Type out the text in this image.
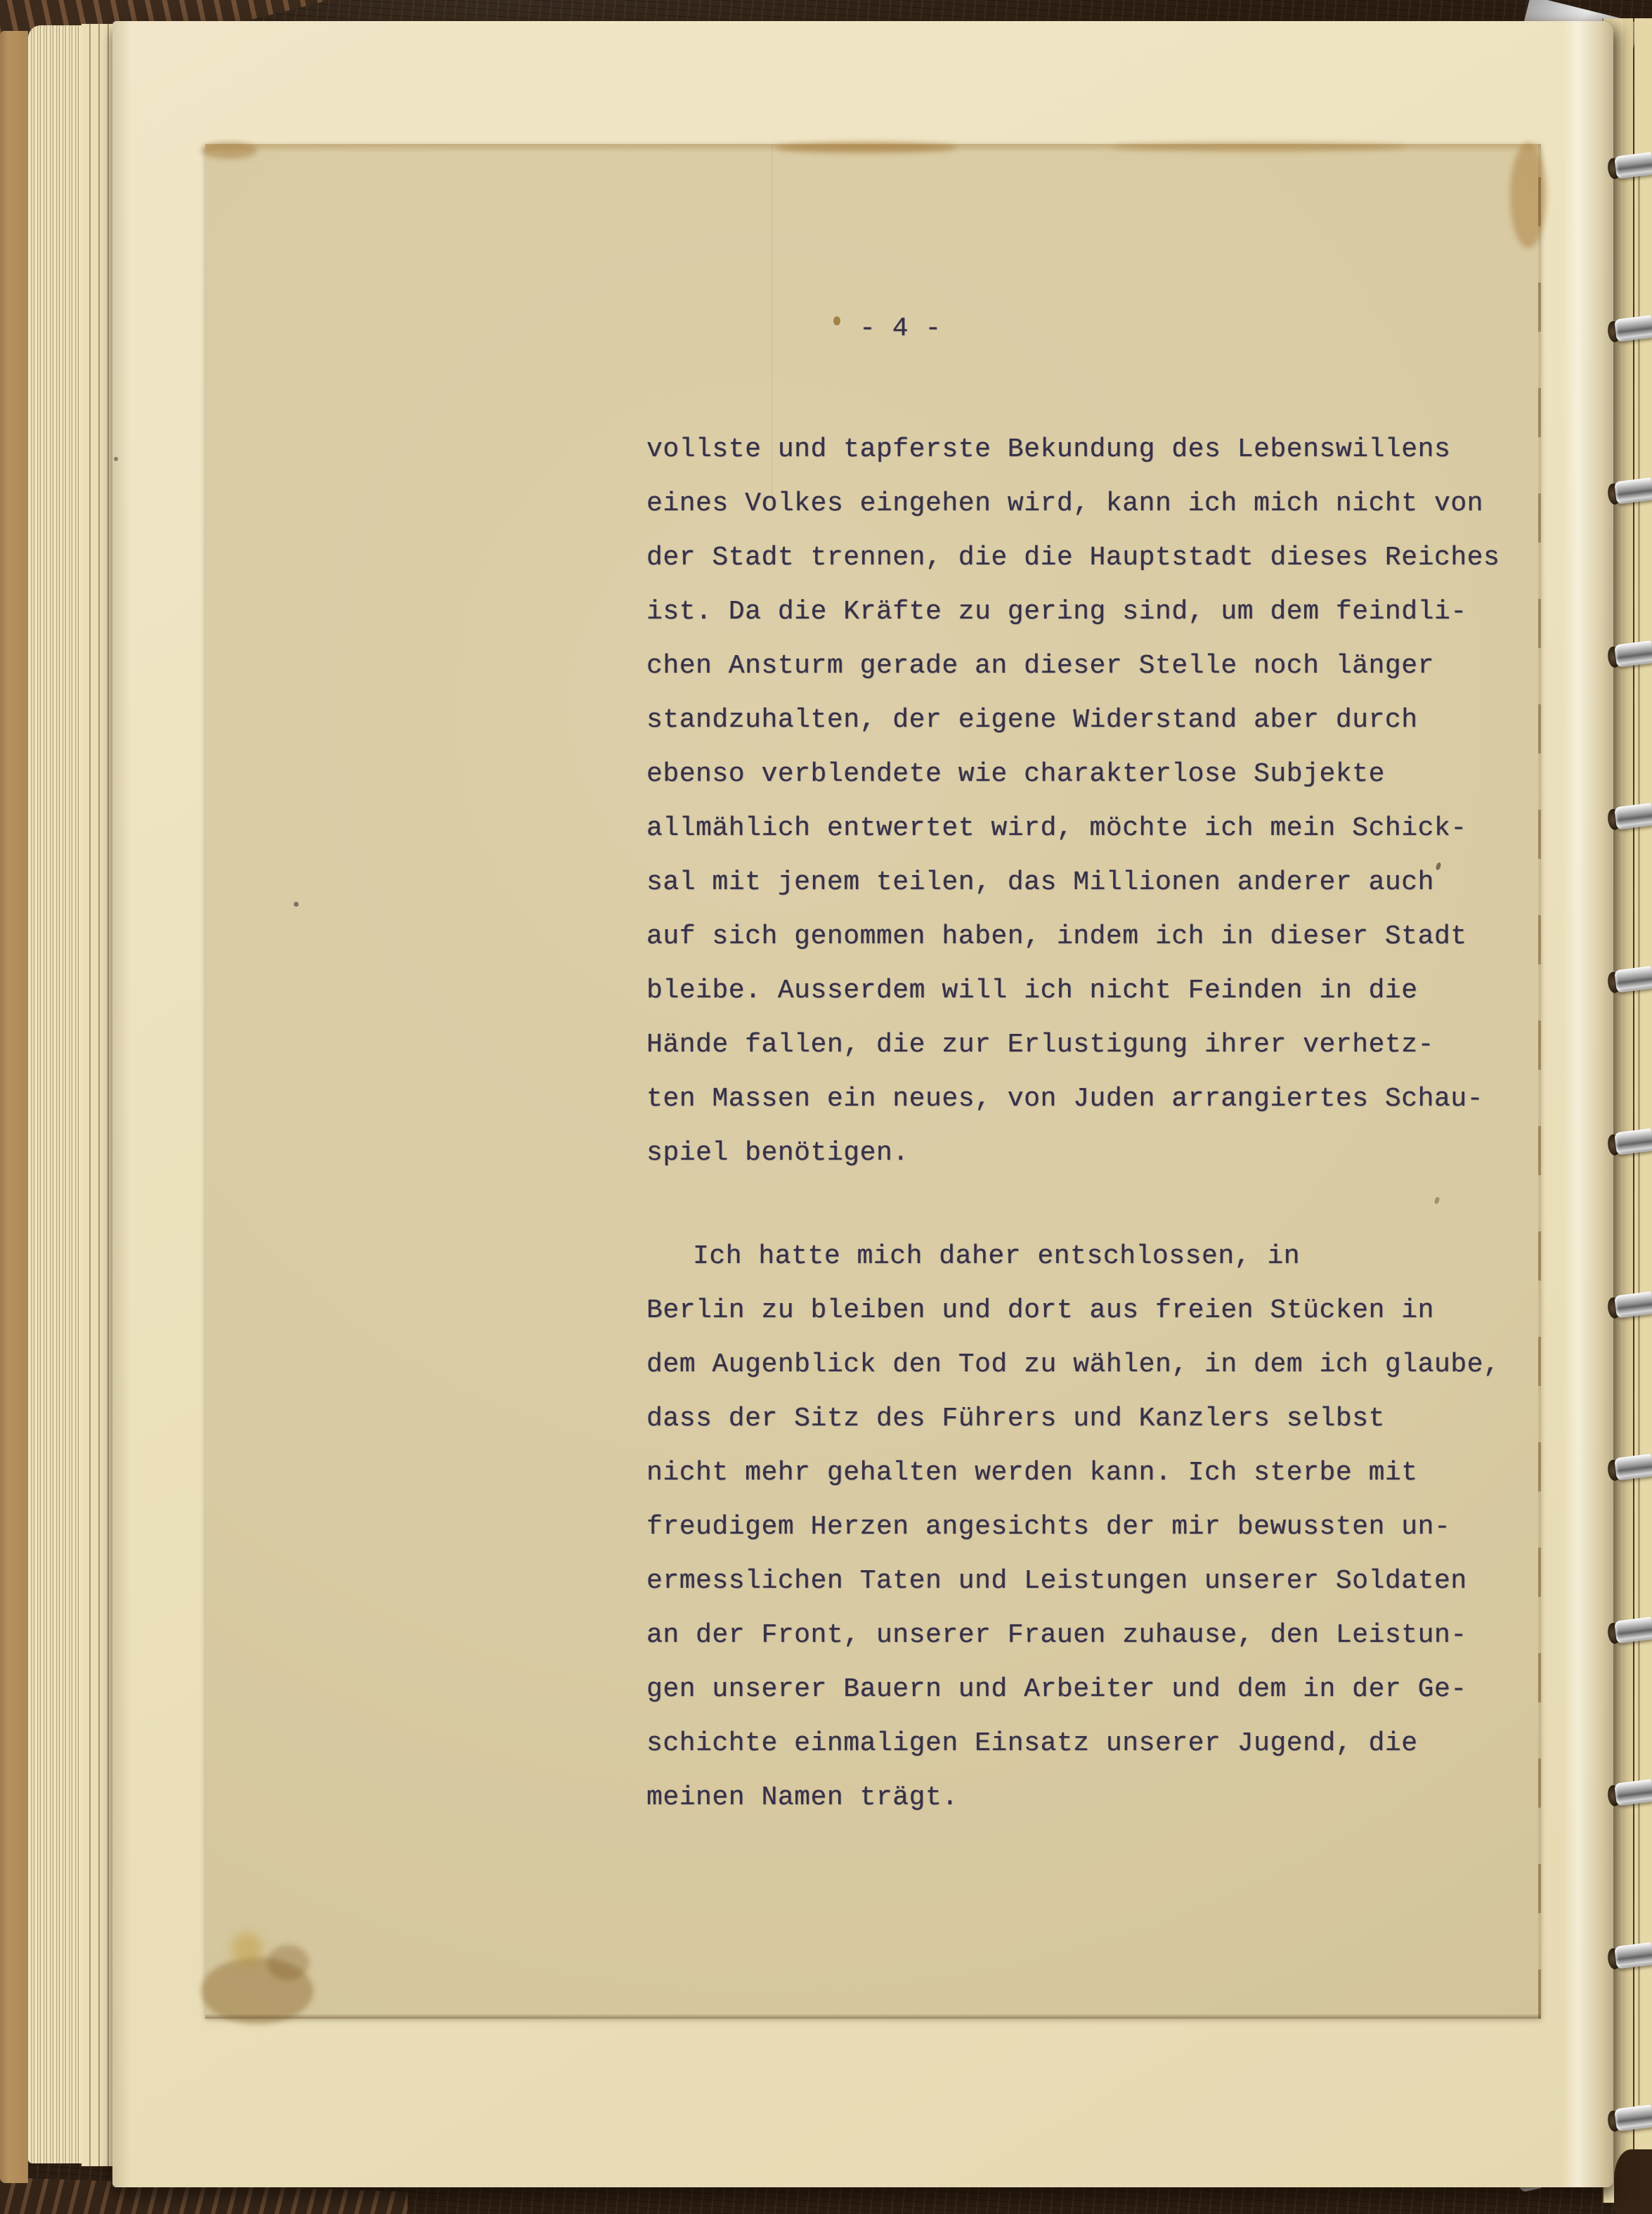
- 4 -
vollste und tapferste Bekundung des Lebenswillens
eines Volkes eingehen wird, kann ich mich nicht von
der Stadt trennen, die die Hauptstadt dieses Reiches
ist. Da die Kräfte zu gering sind, um dem feindli-
chen Ansturm gerade an dieser Stelle noch länger
standzuhalten, der eigene Widerstand aber durch
ebenso verblendete wie charakterlose Subjekte
allmählich entwertet wird, möchte ich mein Schick-
sal mit jenem teilen, das Millionen anderer auch
auf sich genommen haben, indem ich in dieser Stadt
bleibe. Ausserdem will ich nicht Feinden in die
Hände fallen, die zur Erlustigung ihrer verhetz-
ten Massen ein neues, von Juden arrangiertes Schau-
spiel benötigen.
Ich hatte mich daher entschlossen, in
Berlin zu bleiben und dort aus freien Stücken in
dem Augenblick den Tod zu wählen, in dem ich glaube,
dass der Sitz des Führers und Kanzlers selbst
nicht mehr gehalten werden kann. Ich sterbe mit
freudigem Herzen angesichts der mir bewussten un-
ermesslichen Taten und Leistungen unserer Soldaten
an der Front, unserer Frauen zuhause, den Leistun-
gen unserer Bauern und Arbeiter und dem in der Ge-
schichte einmaligen Einsatz unserer Jugend, die
meinen Namen trägt.
